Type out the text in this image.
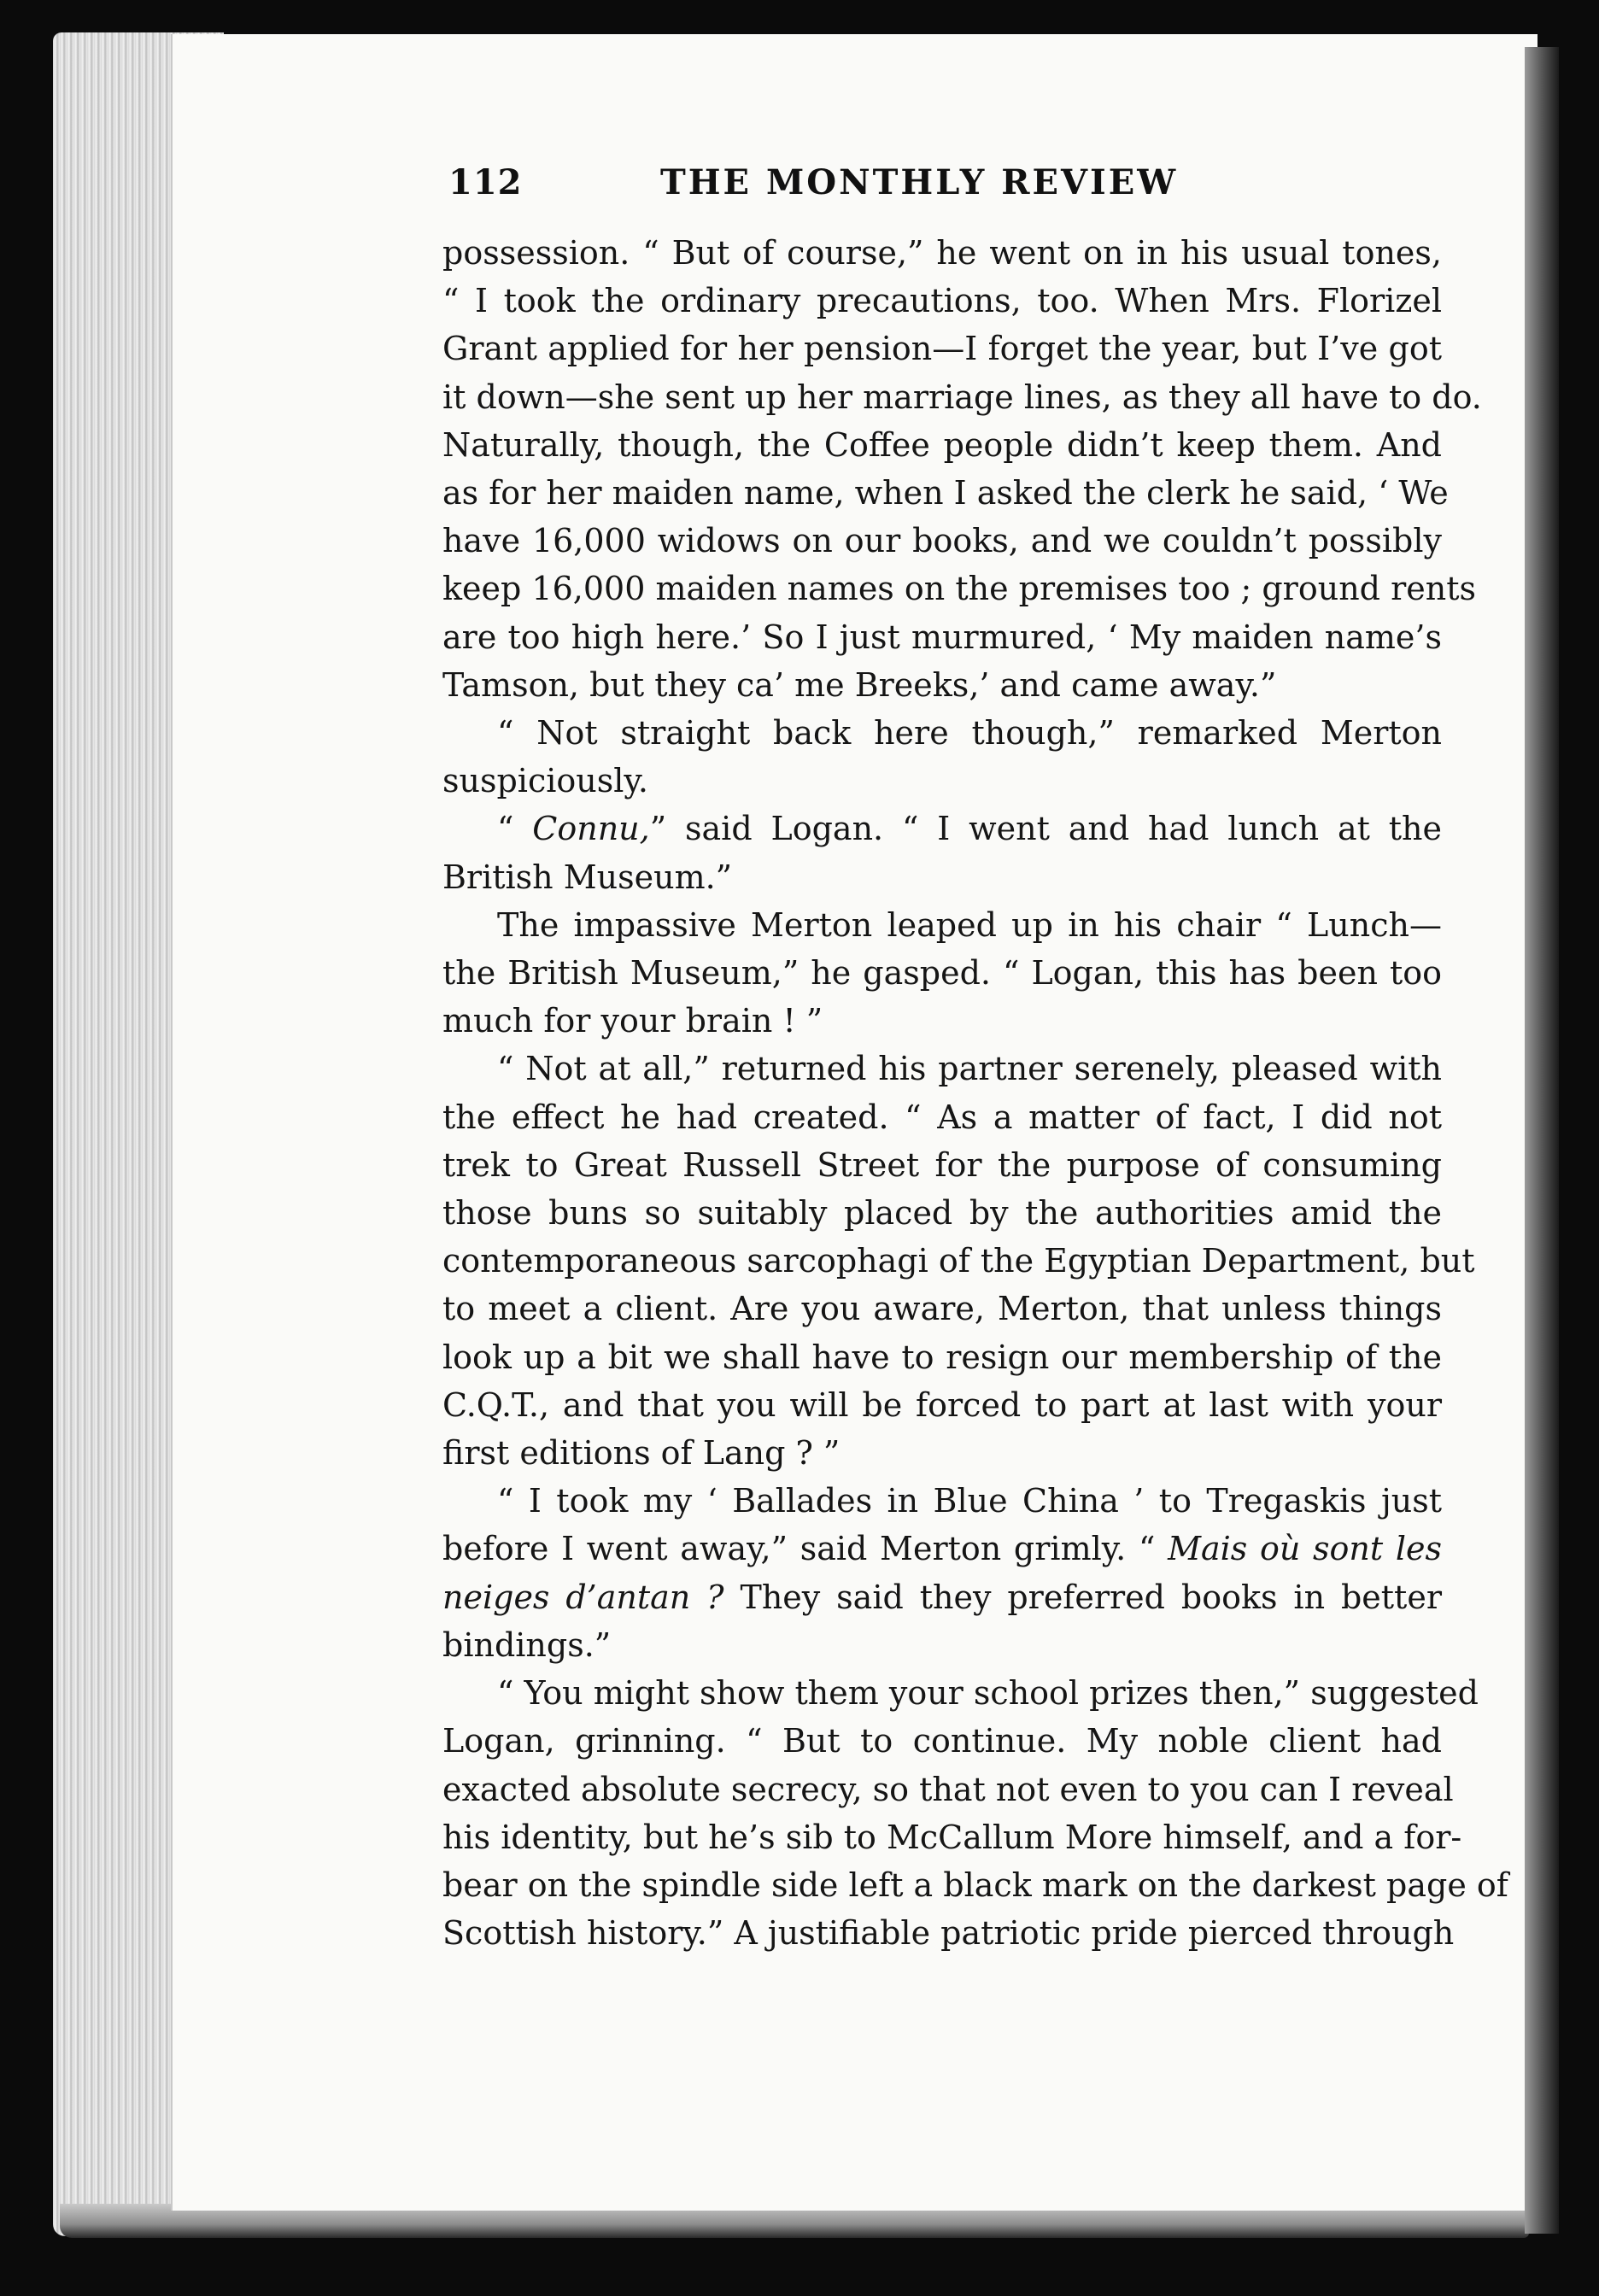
112	THE MONTHLY REVIEW
possession. “ But of course,” he went on in his usual tones,
“ I took the ordinary precautions, too. When Mrs. Florizel
Grant applied for her pension—I forget the year, but I’ve got
it down—she sent up her marriage lines, as they all have to do.
Naturally, though, the Coffee people didn’t keep them. And
as for her maiden name, when I asked the clerk he said, ‘ We
have 16,000 widows on our books, and we couldn’t possibly
keep 16,000 maiden names on the premises too ; ground rents
are too high here.’ So I just murmured, ‘ My maiden name’s
Tamson, but they ca’ me Breeks,’ and came away.”
“ Not straight back here though,” remarked Merton
suspiciously.
“ Connu,” said Logan. “ I went and had lunch at the
British Museum.”
The impassive Merton leaped up in his chair “ Lunch—
the British Museum,” he gasped. “ Logan, this has been too
much for your brain ! ”
“ Not at all,” returned his partner serenely, pleased with
the effect he had created. “ As a matter of fact, I did not
trek to Great Russell Street for the purpose of consuming
those buns so suitably placed by the authorities amid the
contemporaneous sarcophagi of the Egyptian Department, but
to meet a client. Are you aware, Merton, that unless things
look up a bit we shall have to resign our membership of the
C.Q.T., and that you will be forced to part at last with your
first editions of Lang ? ”
“ I took my ‘ Ballades in Blue China ’ to Tregaskis just
before I went away,” said Merton grimly. “ Mais où sont les
neiges d’antan ? They said they preferred books in better
bindings.”
“ You might show them your school prizes then,” suggested
Logan, grinning. “ But to continue. My noble client had
exacted absolute secrecy, so that not even to you can I reveal
his identity, but he’s sib to McCallum More himself, and a for-
bear on the spindle side left a black mark on the darkest page of
Scottish history.” A justifiable patriotic pride pierced through
